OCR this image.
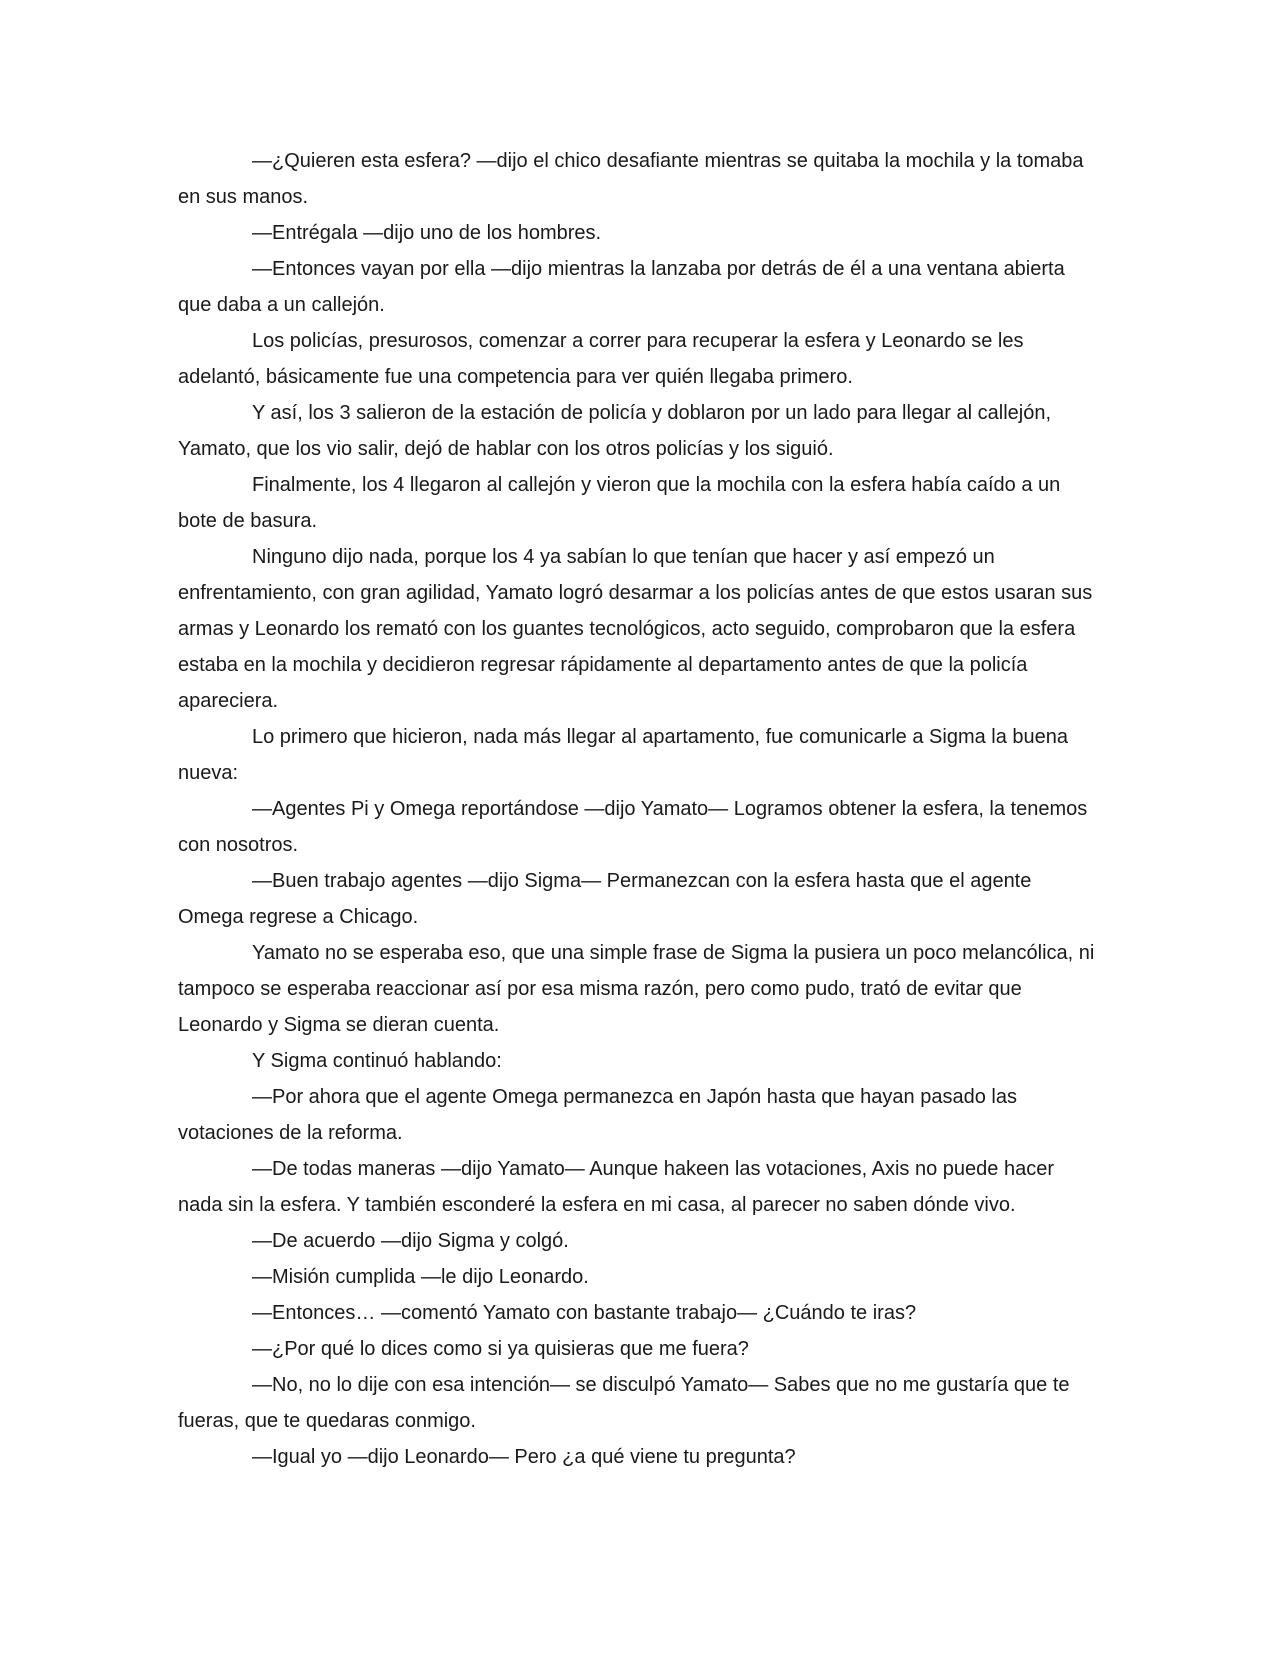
—¿Quieren esta esfera? —dijo el chico desafiante mientras se quitaba la mochila y la tomaba en sus manos.

—Entrégala —dijo uno de los hombres.

—Entonces vayan por ella —dijo mientras la lanzaba por detrás de él a una ventana abierta que daba a un callejón.

Los policías, presurosos, comenzar a correr para recuperar la esfera y Leonardo se les adelantó, básicamente fue una competencia para ver quién llegaba primero.

Y así, los 3 salieron de la estación de policía y doblaron por un lado para llegar al callejón, Yamato, que los vio salir, dejó de hablar con los otros policías y los siguió.

Finalmente, los 4 llegaron al callejón y vieron que la mochila con la esfera había caído a un bote de basura.

Ninguno dijo nada, porque los 4 ya sabían lo que tenían que hacer y así empezó un enfrentamiento, con gran agilidad, Yamato logró desarmar a los policías antes de que estos usaran sus armas y Leonardo los remató con los guantes tecnológicos, acto seguido, comprobaron que la esfera estaba en la mochila y decidieron regresar rápidamente al departamento antes de que la policía apareciera.

Lo primero que hicieron, nada más llegar al apartamento, fue comunicarle a Sigma la buena nueva:

—Agentes Pi y Omega reportándose —dijo Yamato— Logramos obtener la esfera, la tenemos con nosotros.

—Buen trabajo agentes —dijo Sigma— Permanezcan con la esfera hasta que el agente Omega regrese a Chicago.

Yamato no se esperaba eso, que una simple frase de Sigma la pusiera un poco melancólica, ni tampoco se esperaba reaccionar así por esa misma razón, pero como pudo, trató de evitar que Leonardo y Sigma se dieran cuenta.

Y Sigma continuó hablando:

—Por ahora que el agente Omega permanezca en Japón hasta que hayan pasado las votaciones de la reforma.

—De todas maneras —dijo Yamato— Aunque hakeen las votaciones, Axis no puede hacer nada sin la esfera. Y también esconderé la esfera en mi casa, al parecer no saben dónde vivo.

—De acuerdo —dijo Sigma y colgó.

—Misión cumplida —le dijo Leonardo.

—Entonces… —comentó Yamato con bastante trabajo— ¿Cuándo te iras?

—¿Por qué lo dices como si ya quisieras que me fuera?

—No, no lo dije con esa intención— se disculpó Yamato— Sabes que no me gustaría que te fueras, que te quedaras conmigo.

—Igual yo —dijo Leonardo— Pero ¿a qué viene tu pregunta?
